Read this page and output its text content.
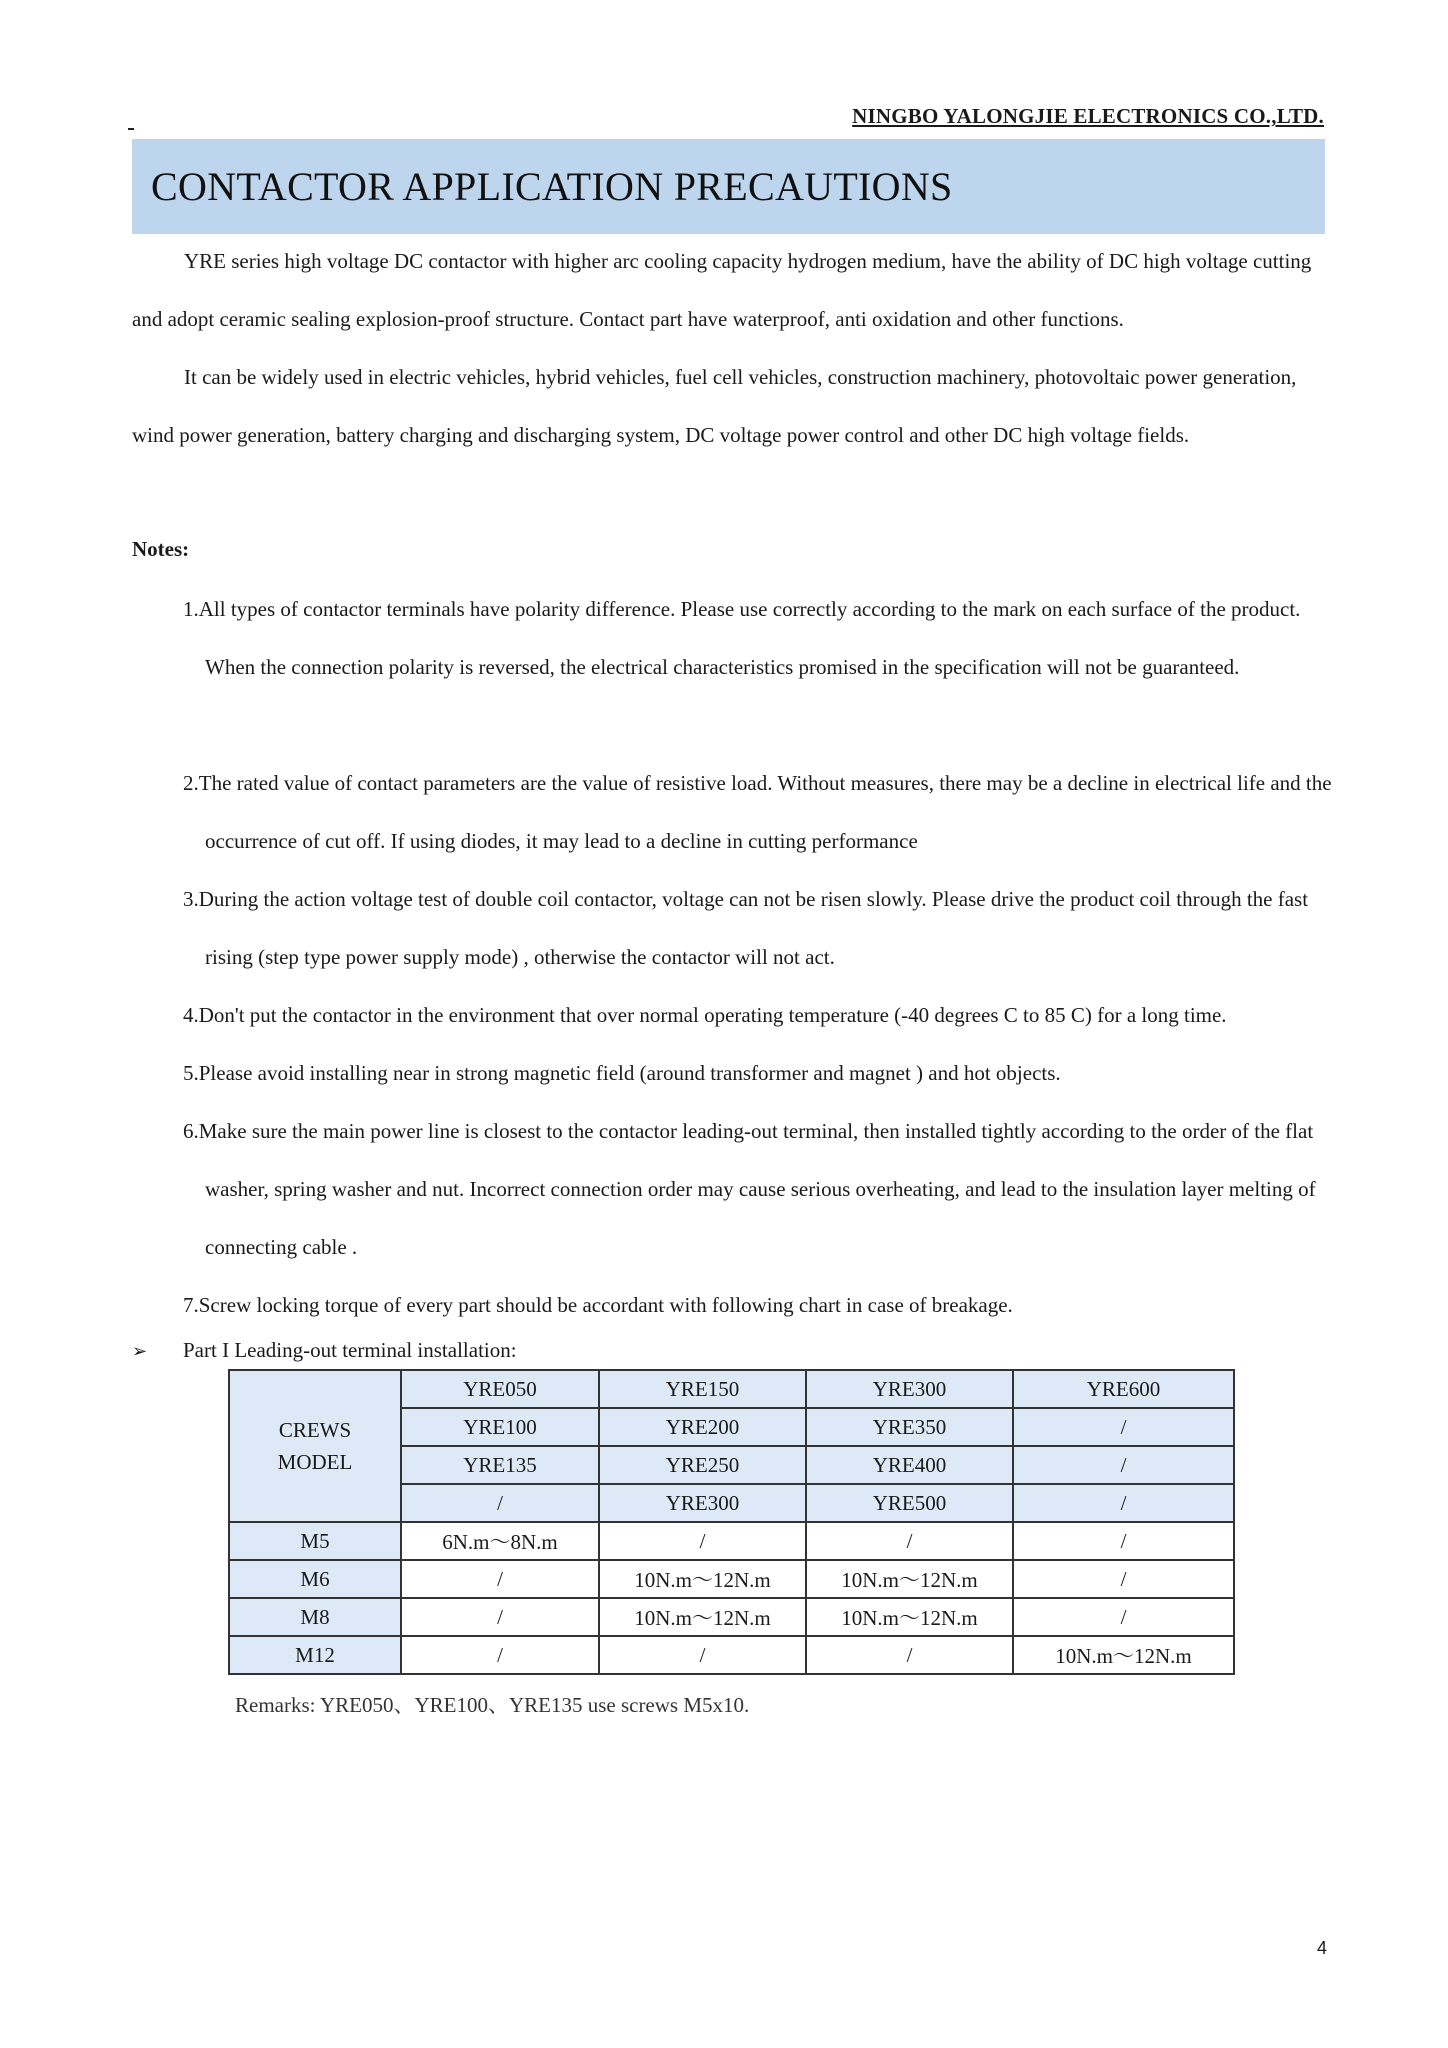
NINGBO YALONGJIE ELECTRONICS CO.,LTD.
CONTACTOR APPLICATION PRECAUTIONS

YRE series high voltage DC contactor with higher arc cooling capacity hydrogen medium, have the ability of DC high voltage cutting and adopt ceramic sealing explosion-proof structure. Contact part have waterproof, anti oxidation and other functions.

It can be widely used in electric vehicles, hybrid vehicles, fuel cell vehicles, construction machinery, photovoltaic power generation, wind power generation, battery charging and discharging system, DC voltage power control and other DC high voltage fields.

Notes:

1.All types of contactor terminals have polarity difference. Please use correctly according to the mark on each surface of the product. When the connection polarity is reversed, the electrical characteristics promised in the specification will not be guaranteed.

2.The rated value of contact parameters are the value of resistive load. Without measures, there may be a decline in electrical life and the occurrence of cut off. If using diodes, it may lead to a decline in cutting performance

3.During the action voltage test of double coil contactor, voltage can not be risen slowly. Please drive the product coil through the fast rising (step type power supply mode) , otherwise the contactor will not act.

4.Don't put the contactor in the environment that over normal operating temperature (-40 degrees C to 85 C) for a long time.

5.Please avoid installing near in strong magnetic field (around transformer and magnet ) and hot objects.

6.Make sure the main power line is closest to the contactor leading-out terminal, then installed tightly according to the order of the flat washer, spring washer and nut. Incorrect connection order may cause serious overheating, and lead to the insulation layer melting of connecting cable .

7.Screw locking torque of every part should be accordant with following chart in case of breakage.

➢ Part I Leading-out terminal installation:

CREWS MODEL	YRE050	YRE150	YRE300	YRE600
	YRE100	YRE200	YRE350	/
	YRE135	YRE250	YRE400	/
	/	YRE300	YRE500	/
M5	6N.m～8N.m	/	/	/
M6	/	10N.m～12N.m	10N.m～12N.m	/
M8	/	10N.m～12N.m	10N.m～12N.m	/
M12	/	/	/	10N.m～12N.m

Remarks: YRE050、YRE100、YRE135 use screws M5x10.

4
